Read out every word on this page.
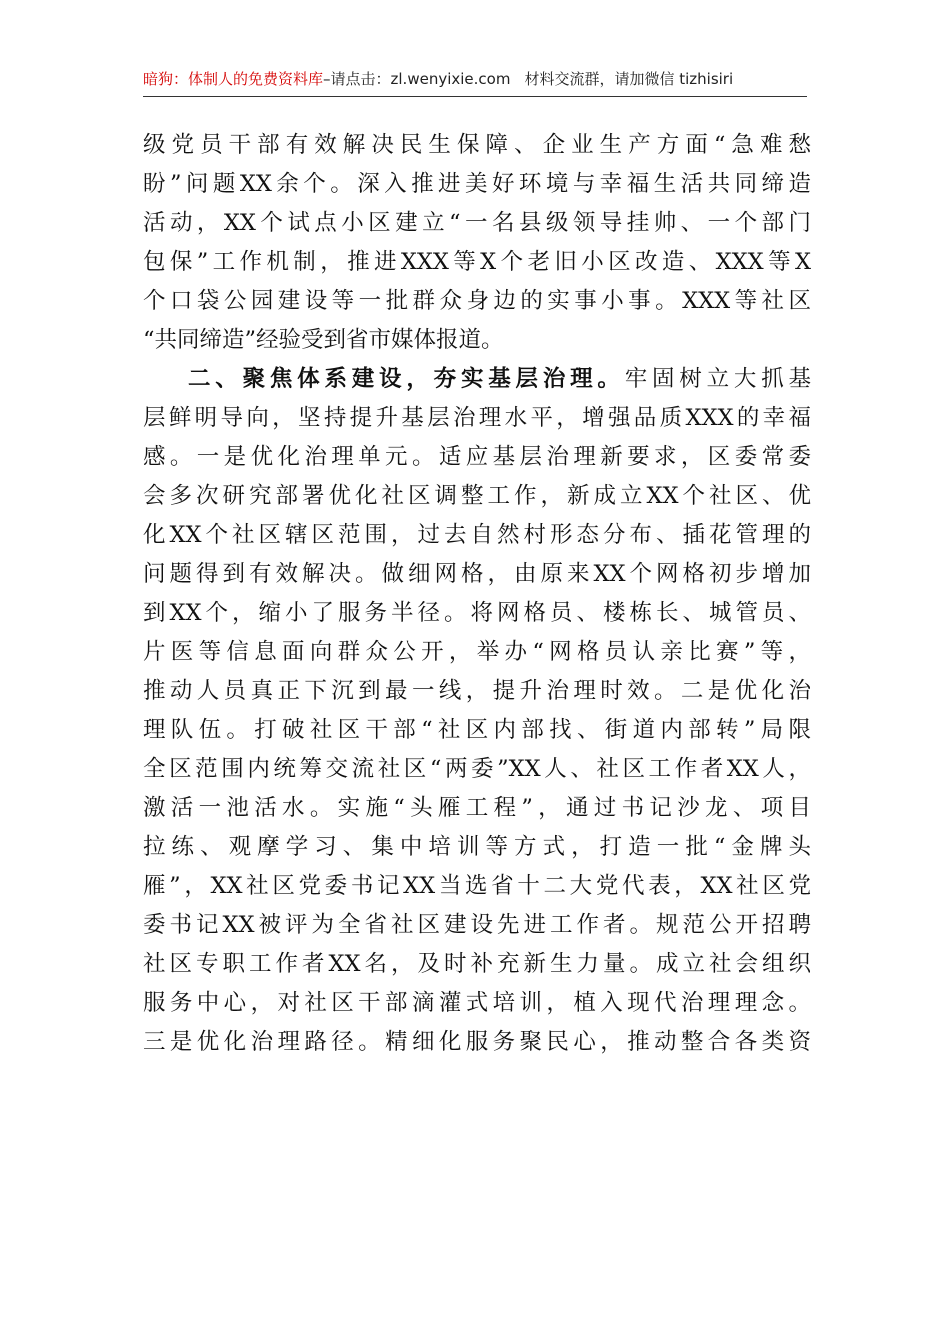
暗狗：体制人的免费资料库–请点击：zl.wenyixie.com 材料交流群，请加微信 tizhisiri
级党员干部有效解决民生保障、企业生产方面“急难愁
盼”问题XX余个。深入推进美好环境与幸福生活共同缔造
活动，XX个试点小区建立“一名县级领导挂帅、一个部门
包保”工作机制，推进XXX等X个老旧小区改造、XXX等X
个口袋公园建设等一批群众身边的实事小事。XXX等社区
“共同缔造”经验受到省市媒体报道。
二、聚焦体系建设，夯实基层治理。牢固树立大抓基
层鲜明导向，坚持提升基层治理水平，增强品质XXX的幸福
感。一是优化治理单元。适应基层治理新要求，区委常委
会多次研究部署优化社区调整工作，新成立XX个社区、优
化XX个社区辖区范围，过去自然村形态分布、插花管理的
问题得到有效解决。做细网格，由原来XX个网格初步增加
到XX个，缩小了服务半径。将网格员、楼栋长、城管员、
片医等信息面向群众公开，举办“网格员认亲比赛”等，
推动人员真正下沉到最一线，提升治理时效。二是优化治
理队伍。打破社区干部“社区内部找、街道内部转”局限
全区范围内统筹交流社区“两委”XX人、社区工作者XX人，
激活一池活水。实施“头雁工程”，通过书记沙龙、项目
拉练、观摩学习、集中培训等方式，打造一批“金牌头
雁”，XX社区党委书记XX当选省十二大党代表，XX社区党
委书记XX被评为全省社区建设先进工作者。规范公开招聘
社区专职工作者XX名，及时补充新生力量。成立社会组织
服务中心，对社区干部滴灌式培训，植入现代治理理念。
三是优化治理路径。精细化服务聚民心，推动整合各类资
